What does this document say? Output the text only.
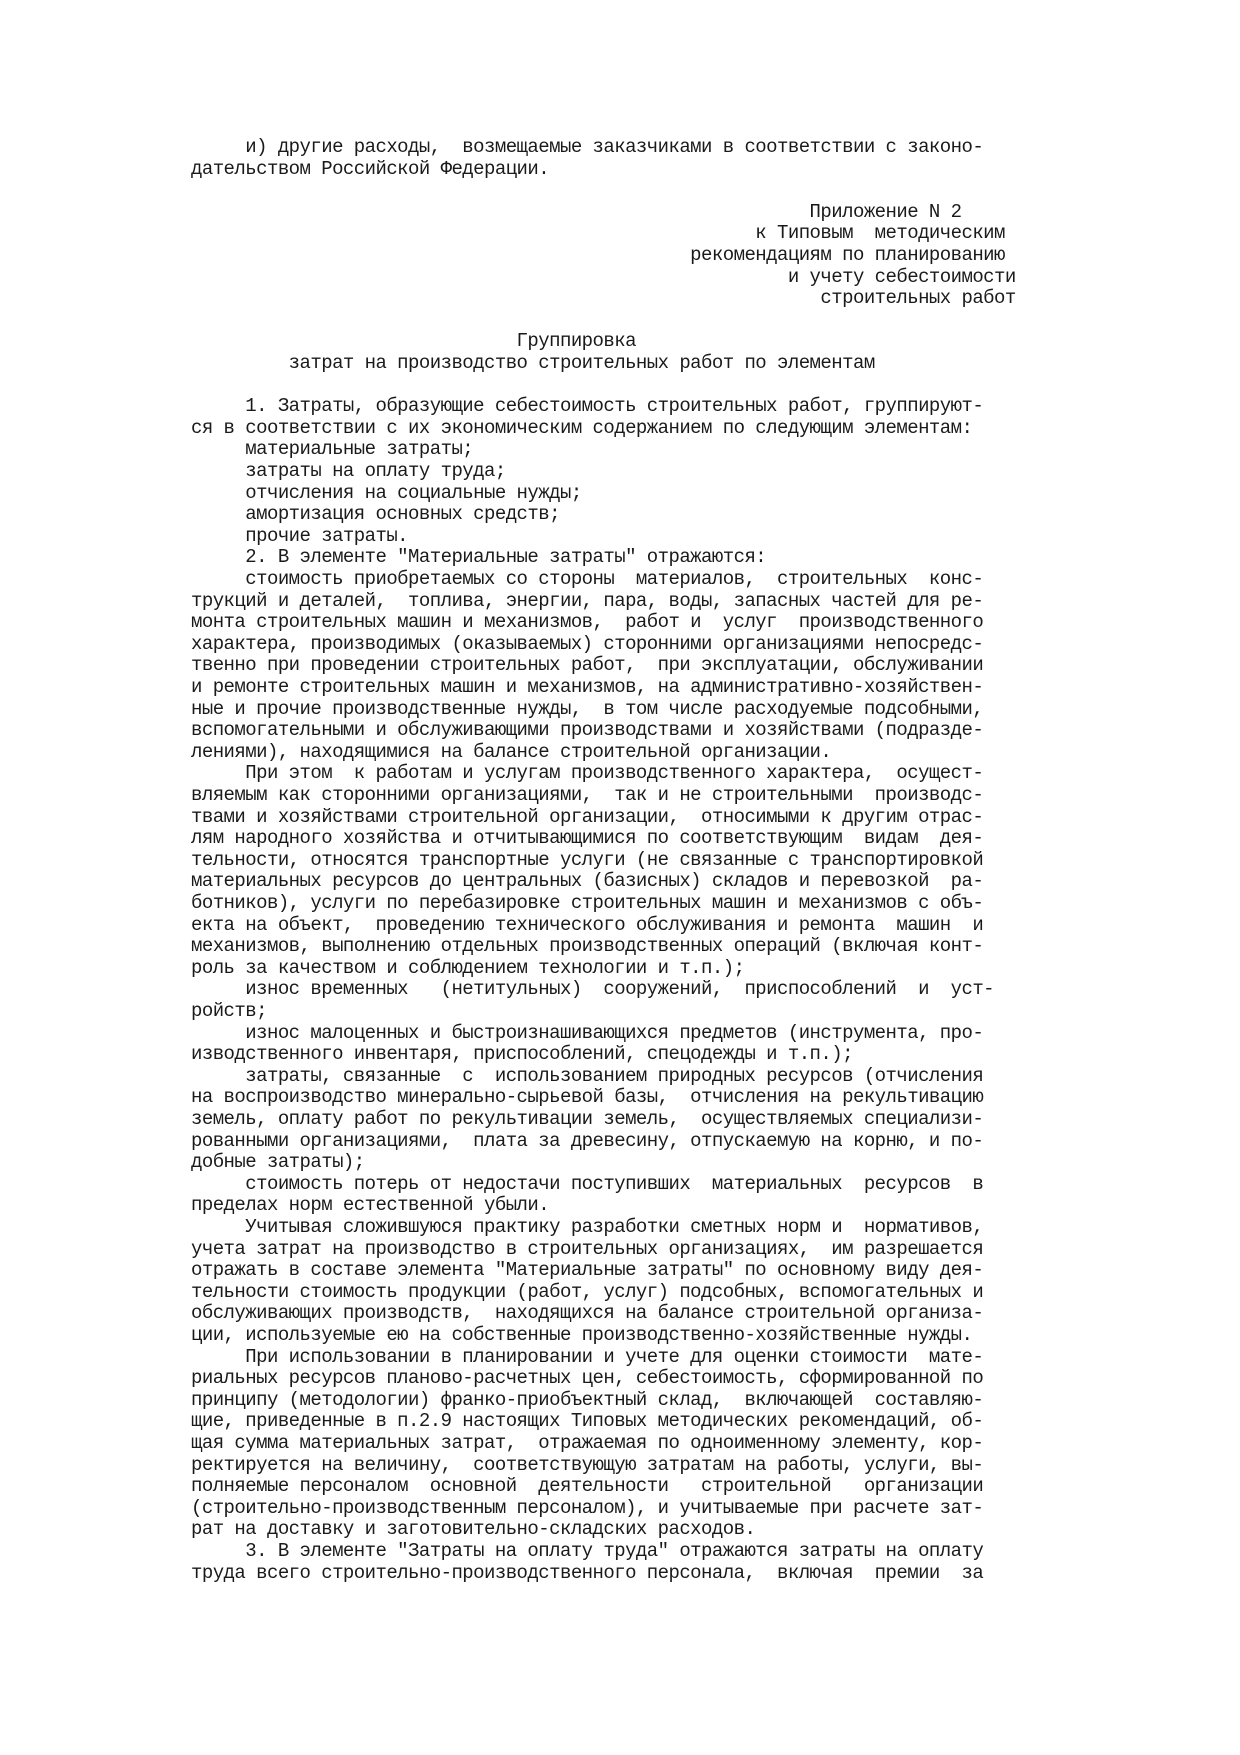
и) другие расходы,  возмещаемые заказчиками в соответствии с законо-
дательством Российской Федерации.
Приложение N 2
к Типовым  методическим
рекомендациям по планированию
и учету себестоимости
строительных работ
Группировка
затрат на производство строительных работ по элементам
1. Затраты, образующие себестоимость строительных работ, группируют-
ся в соответствии с их экономическим содержанием по следующим элементам:
материальные затраты;
затраты на оплату труда;
отчисления на социальные нужды;
амортизация основных средств;
прочие затраты.
2. В элементе "Материальные затраты" отражаются:
стоимость приобретаемых со стороны  материалов,  строительных  конс-
трукций и деталей,  топлива, энергии, пара, воды, запасных частей для ре-
монта строительных машин и механизмов,  работ и  услуг  производственного
характера, производимых (оказываемых) сторонними организациями непосредс-
твенно при проведении строительных работ,  при эксплуатации, обслуживании
и ремонте строительных машин и механизмов, на административно-хозяйствен-
ные и прочие производственные нужды,  в том числе расходуемые подсобными,
вспомогательными и обслуживающими производствами и хозяйствами (подразде-
лениями), находящимися на балансе строительной организации.
При этом  к работам и услугам производственного характера,  осущест-
вляемым как сторонними организациями,  так и не строительными  производс-
твами и хозяйствами строительной организации,  относимыми к другим отрас-
лям народного хозяйства и отчитывающимися по соответствующим  видам  дея-
тельности, относятся транспортные услуги (не связанные с транспортировкой
материальных ресурсов до центральных (базисных) складов и перевозкой  ра-
ботников), услуги по перебазировке строительных машин и механизмов с объ-
екта на объект,  проведению технического обслуживания и ремонта  машин  и
механизмов, выполнению отдельных производственных операций (включая конт-
роль за качеством и соблюдением технологии и т.п.);
износ временных   (нетитульных)  сооружений,  приспособлений  и  уст-
ройств;
износ малоценных и быстроизнашивающихся предметов (инструмента, про-
изводственного инвентаря, приспособлений, спецодежды и т.п.);
затраты, связанные  с  использованием природных ресурсов (отчисления
на воспроизводство минерально-сырьевой базы,  отчисления на рекультивацию
земель, оплату работ по рекультивации земель,  осуществляемых специализи-
рованными организациями,  плата за древесину, отпускаемую на корню, и по-
добные затраты);
стоимость потерь от недостачи поступивших  материальных  ресурсов  в
пределах норм естественной убыли.
Учитывая сложившуюся практику разработки сметных норм и  нормативов,
учета затрат на производство в строительных организациях,  им разрешается
отражать в составе элемента "Материальные затраты" по основному виду дея-
тельности стоимость продукции (работ, услуг) подсобных, вспомогательных и
обслуживающих производств,  находящихся на балансе строительной организа-
ции, используемые ею на собственные производственно-хозяйственные нужды.
При использовании в планировании и учете для оценки стоимости  мате-
риальных ресурсов планово-расчетных цен, себестоимость, сформированной по
принципу (методологии) франко-приобъектный склад,  включающей  составляю-
щие, приведенные в п.2.9 настоящих Типовых методических рекомендаций, об-
щая сумма материальных затрат,  отражаемая по одноименному элементу, кор-
ректируется на величину,  соответствующую затратам на работы, услуги, вы-
полняемые персоналом  основной  деятельности   строительной   организации
(строительно-производственным персоналом), и учитываемые при расчете зат-
рат на доставку и заготовительно-складских расходов.
3. В элементе "Затраты на оплату труда" отражаются затраты на оплату
труда всего строительно-производственного персонала,  включая  премии  за
